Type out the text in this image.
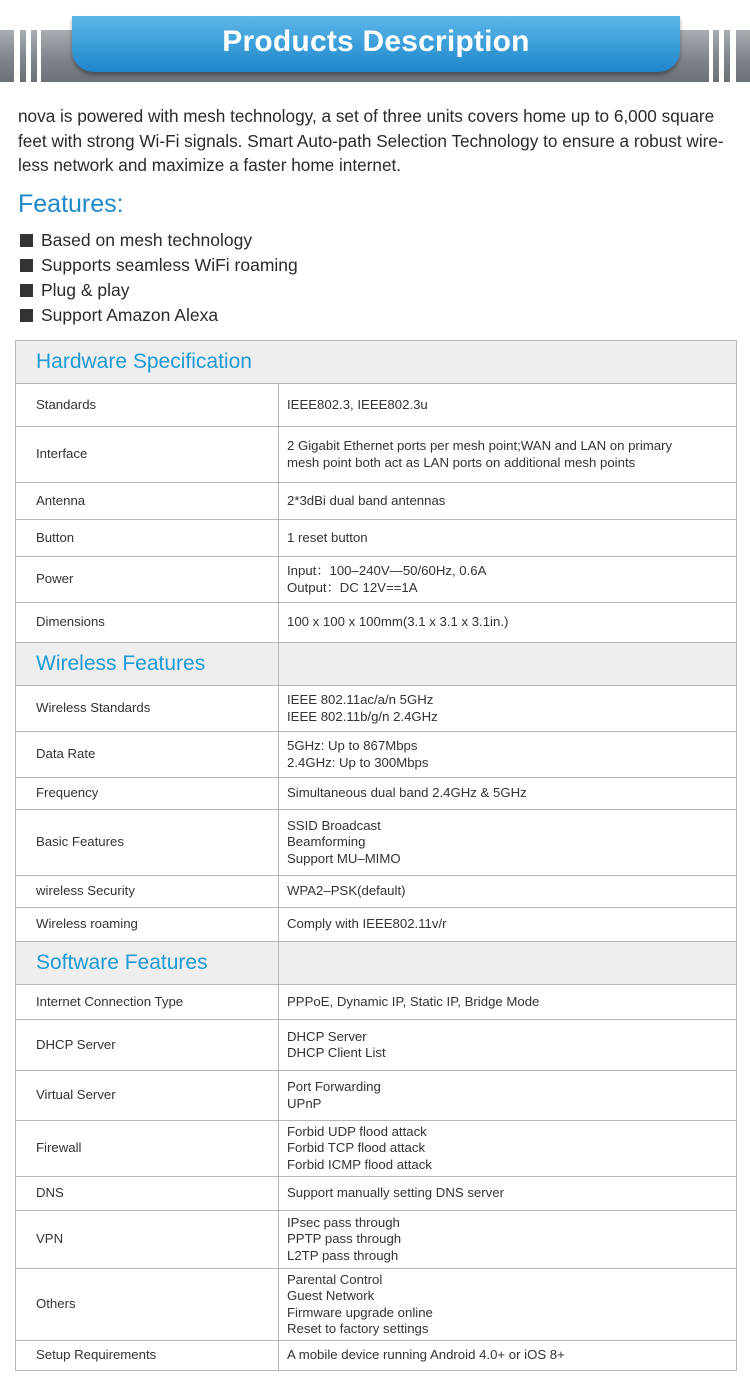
Products Description
nova is powered with mesh technology, a set of three units covers home up to 6,000 square feet with strong Wi-Fi signals. Smart Auto-path Selection Technology to ensure a robust wire-less network and maximize a faster home internet.
Features:
Based on mesh technology
Supports seamless WiFi roaming
Plug & play
Support Amazon Alexa
Hardware Specification	
Standards	IEEE802.3, IEEE802.3u

Interface	2 Gigabit Ethernet ports per mesh point;WAN and LAN on primary
mesh point both act as LAN ports on additional mesh points

Antenna	2*3dBi dual band antennas

Button	1 reset button

Power	Input：100–240V—50/60Hz, 0.6A
Output：DC 12V==1A

Dimensions	100 x 100 x 100mm(3.1 x 3.1 x 3.1in.)

Wireless Features	
Wireless Standards	IEEE 802.11ac/a/n 5GHz
IEEE 802.11b/g/n 2.4GHz

Data Rate	5GHz: Up to 867Mbps
2.4GHz: Up to 300Mbps

Frequency	Simultaneous dual band 2.4GHz & 5GHz

Basic Features	SSID Broadcast
Beamforming
Support MU–MIMO

wireless Security	WPA2–PSK(default)

Wireless roaming	Comply with IEEE802.11v/r

Software Features	
Internet Connection Type	PPPoE, Dynamic IP, Static IP, Bridge Mode

DHCP Server	DHCP Server
DHCP Client List

Virtual Server	Port Forwarding
UPnP

Firewall	Forbid UDP flood attack
Forbid TCP flood attack
Forbid ICMP flood attack

DNS	Support manually setting DNS server

VPN	IPsec pass through
PPTP pass through
L2TP pass through

Others	Parental Control
Guest Network
Firmware upgrade online
Reset to factory settings

Setup Requirements	A mobile device running Android 4.0+ or iOS 8+
